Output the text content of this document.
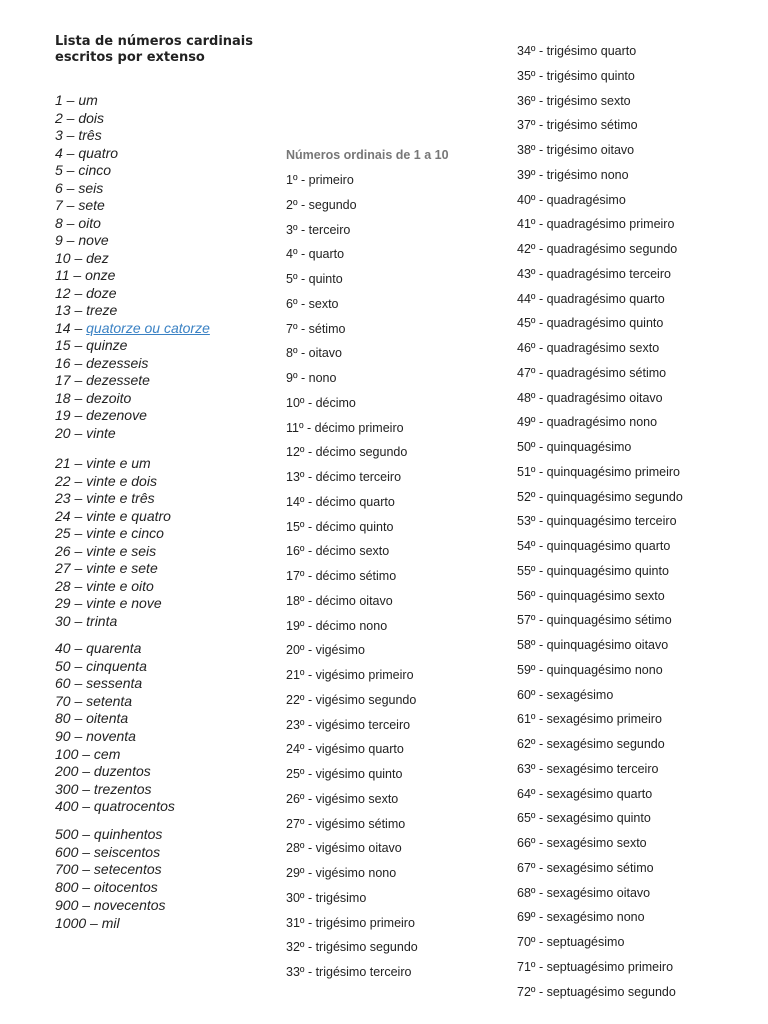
Lista de números cardinais escritos por extenso
1 – um
2 – dois
3 – três
4 – quatro
5 – cinco
6 – seis
7 – sete
8 – oito
9 – nove
10 – dez
11 – onze
12 – doze
13 – treze
14 – quatorze ou catorze
15 – quinze
16 – dezesseis
17 – dezessete
18 – dezoito
19 – dezenove
20 – vinte
21 – vinte e um
22 – vinte e dois
23 – vinte e três
24 – vinte e quatro
25 – vinte e cinco
26 – vinte e seis
27 – vinte e sete
28 – vinte e oito
29 – vinte e nove
30 – trinta
40 – quarenta
50 – cinquenta
60 – sessenta
70 – setenta
80 – oitenta
90 – noventa
100 – cem
200 – duzentos
300 – trezentos
400 – quatrocentos
500 – quinhentos
600 – seiscentos
700 – setecentos
800 – oitocentos
900 – novecentos
1000 – mil
Números ordinais de 1 a 10
1º - primeiro
2º - segundo
3º - terceiro
4º - quarto
5º - quinto
6º - sexto
7º - sétimo
8º - oitavo
9º - nono
10º - décimo
11º - décimo primeiro
12º - décimo segundo
13º - décimo terceiro
14º - décimo quarto
15º - décimo quinto
16º - décimo sexto
17º - décimo sétimo
18º - décimo oitavo
19º - décimo nono
20º - vigésimo
21º - vigésimo primeiro
22º - vigésimo segundo
23º - vigésimo terceiro
24º - vigésimo quarto
25º - vigésimo quinto
26º - vigésimo sexto
27º - vigésimo sétimo
28º - vigésimo oitavo
29º - vigésimo nono
30º - trigésimo
31º - trigésimo primeiro
32º - trigésimo segundo
33º - trigésimo terceiro
34º - trigésimo quarto
35º - trigésimo quinto
36º - trigésimo sexto
37º - trigésimo sétimo
38º - trigésimo oitavo
39º - trigésimo nono
40º - quadragésimo
41º - quadragésimo primeiro
42º - quadragésimo segundo
43º - quadragésimo terceiro
44º - quadragésimo quarto
45º - quadragésimo quinto
46º - quadragésimo sexto
47º - quadragésimo sétimo
48º - quadragésimo oitavo
49º - quadragésimo nono
50º - quinquagésimo
51º - quinquagésimo primeiro
52º - quinquagésimo segundo
53º - quinquagésimo terceiro
54º - quinquagésimo quarto
55º - quinquagésimo quinto
56º - quinquagésimo sexto
57º - quinquagésimo sétimo
58º - quinquagésimo oitavo
59º - quinquagésimo nono
60º - sexagésimo
61º - sexagésimo primeiro
62º - sexagésimo segundo
63º - sexagésimo terceiro
64º - sexagésimo quarto
65º - sexagésimo quinto
66º - sexagésimo sexto
67º - sexagésimo sétimo
68º - sexagésimo oitavo
69º - sexagésimo nono
70º - septuagésimo
71º - septuagésimo primeiro
72º - septuagésimo segundo
